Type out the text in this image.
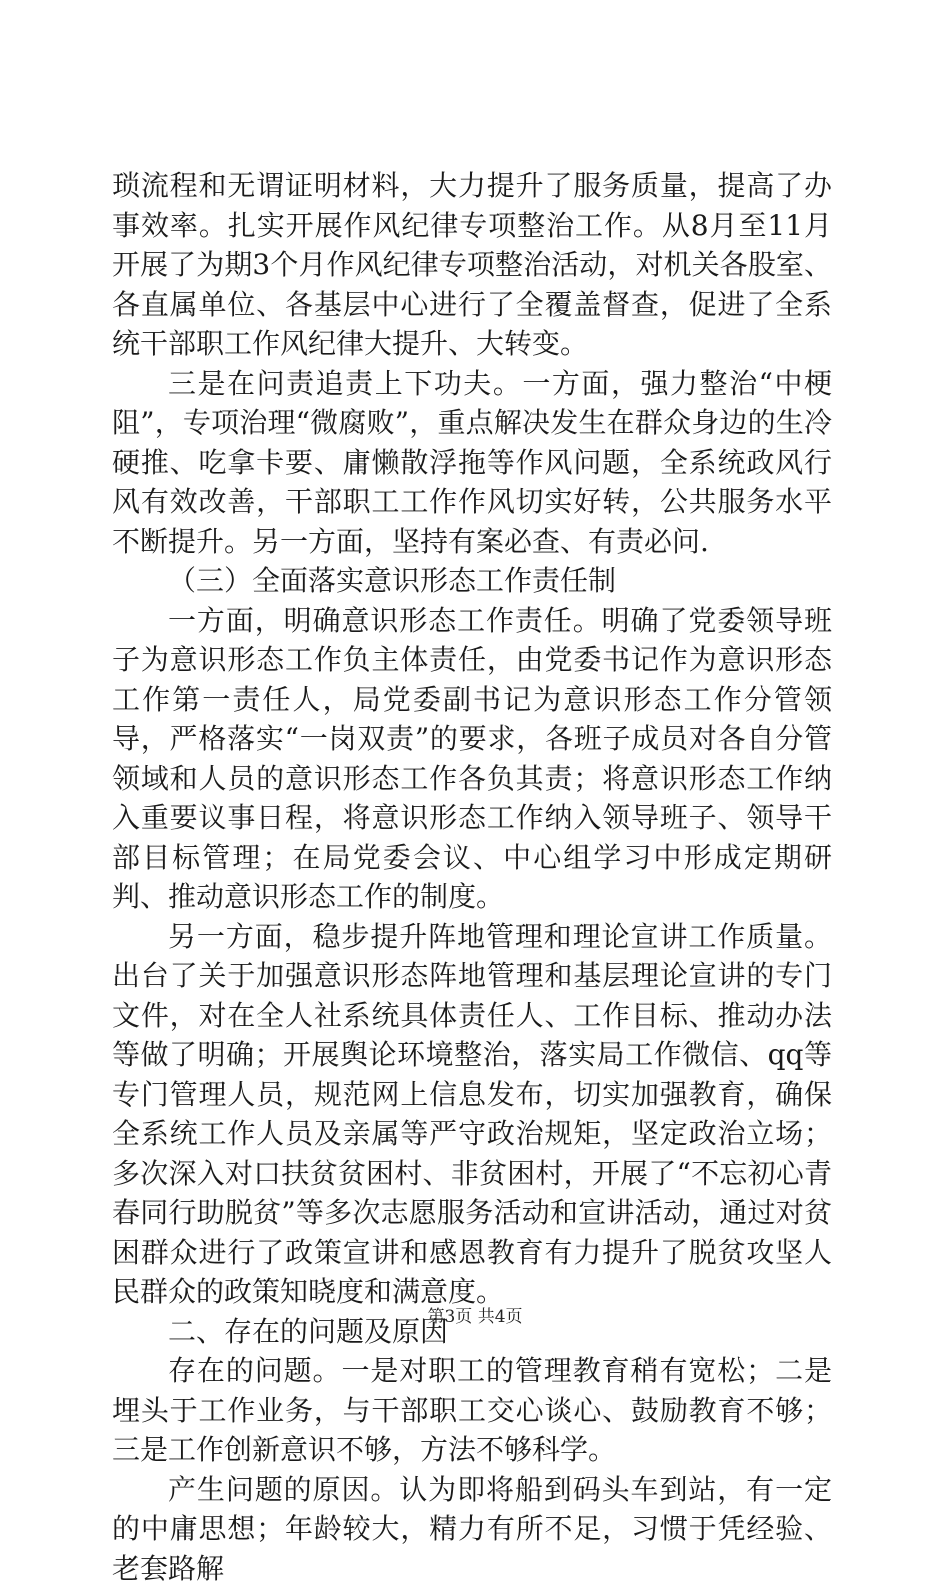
琐流程和无谓证明材料，大力提升了服务质量，提高了办事效率。扎实开展作风纪律专项整治工作。从8月至11月开展了为期3个月作风纪律专项整治活动，对机关各股室、各直属单位、各基层中心进行了全覆盖督查，促进了全系统干部职工作风纪律大提升、大转变。

三是在问责追责上下功夫。一方面，强力整治“中梗阻”，专项治理“微腐败”，重点解决发生在群众身边的生冷硬推、吃拿卡要、庸懒散浮拖等作风问题，全系统政风行风有效改善，干部职工工作作风切实好转，公共服务水平不断提升。另一方面，坚持有案必查、有责必问.

（三）全面落实意识形态工作责任制

一方面，明确意识形态工作责任。明确了党委领导班子为意识形态工作负主体责任，由党委书记作为意识形态工作第一责任人，局党委副书记为意识形态工作分管领导，严格落实“一岗双责”的要求，各班子成员对各自分管领域和人员的意识形态工作各负其责；将意识形态工作纳入重要议事日程，将意识形态工作纳入领导班子、领导干部目标管理；在局党委会议、中心组学习中形成定期研判、推动意识形态工作的制度。

另一方面，稳步提升阵地管理和理论宣讲工作质量。出台了关于加强意识形态阵地管理和基层理论宣讲的专门文件，对在全人社系统具体责任人、工作目标、推动办法等做了明确；开展舆论环境整治，落实局工作微信、qq等专门管理人员，规范网上信息发布，切实加强教育，确保全系统工作人员及亲属等严守政治规矩，坚定政治立场；多次深入对口扶贫贫困村、非贫困村，开展了“不忘初心青春同行助脱贫”等多次志愿服务活动和宣讲活动，通过对贫困群众进行了政策宣讲和感恩教育有力提升了脱贫攻坚人民群众的政策知晓度和满意度。

二、存在的问题及原因

存在的问题。一是对职工的管理教育稍有宽松；二是埋头于工作业务，与干部职工交心谈心、鼓励教育不够；三是工作创新意识不够，方法不够科学。

产生问题的原因。认为即将船到码头车到站，有一定的中庸思想；年龄较大，精力有所不足，习惯于凭经验、老套路解

第3页 共4页
